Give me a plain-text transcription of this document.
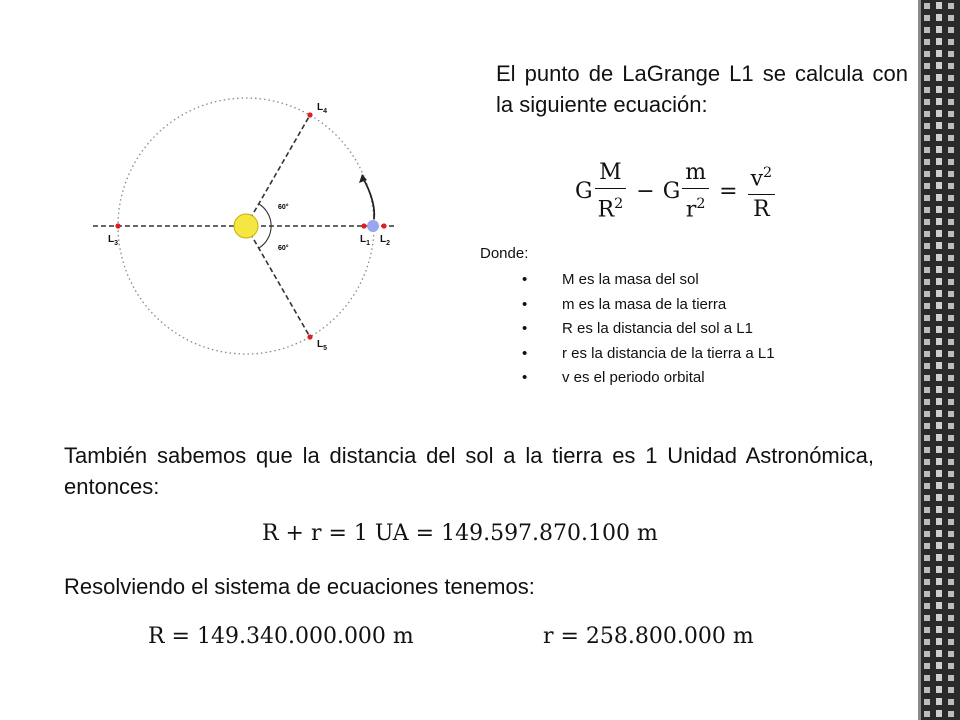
El punto de LaGrange L1 se calcula con la siguiente ecuación:
G $\frac{M}{R^2} - G \frac{m}{r^2} = \frac{v^2}{R}$
Donde:
• M es la masa del sol
• m es la masa de la tierra
• R es la distancia del sol a L1
• r es la distancia de la tierra a L1
• v es el periodo orbital
También sabemos que la distancia del sol a la tierra es 1 Unidad Astronómica, entonces:
R + r = 1 UA = 149.597.870.100 m
Resolviendo el sistema de ecuaciones tenemos:
R = 149.340.000.000 m	r = 258.800.000 m
60°
60°
$L_1$ $L_2$
$L_3$
$L_4$
$L_5$
